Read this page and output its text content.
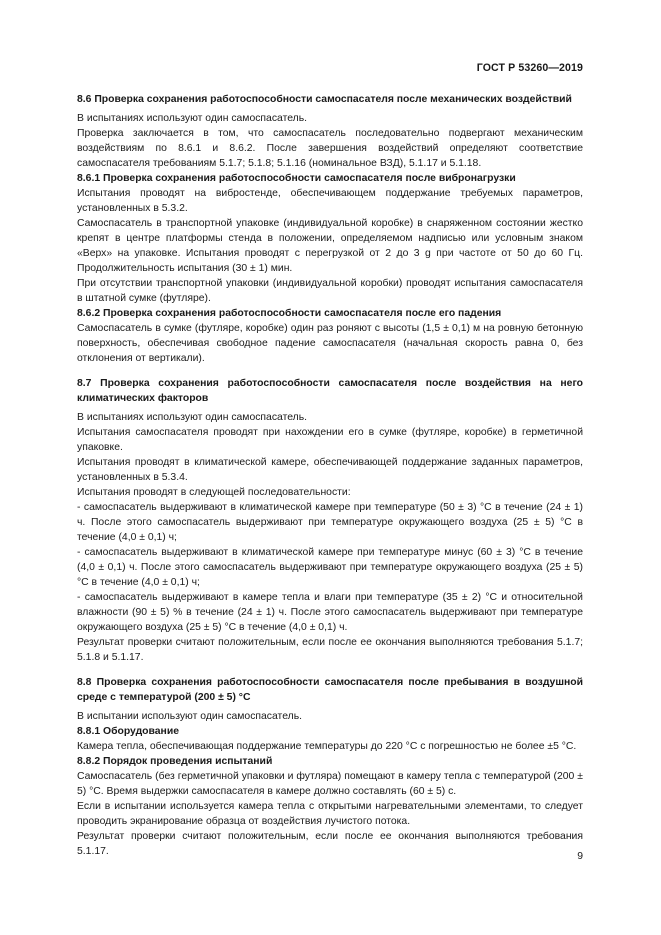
ГОСТ Р 53260—2019

8.6 Проверка сохранения работоспособности самоспасателя после механических воздействий

В испытаниях используют один самоспасатель.

Проверка заключается в том, что самоспасатель последовательно подвергают механическим воздействиям по 8.6.1 и 8.6.2. После завершения воздействий определяют соответствие самоспасателя требованиям 5.1.7; 5.1.8; 5.1.16 (номинальное ВЗД), 5.1.17 и 5.1.18.

8.6.1 Проверка сохранения работоспособности самоспасателя после вибронагрузки

Испытания проводят на вибростенде, обеспечивающем поддержание требуемых параметров, установленных в 5.3.2.

Самоспасатель в транспортной упаковке (индивидуальной коробке) в снаряженном состоянии жестко крепят в центре платформы стенда в положении, определяемом надписью или условным знаком «Верх» на упаковке. Испытания проводят с перегрузкой от 2 до 3 g при частоте от 50 до 60 Гц. Продолжительность испытания (30 ± 1) мин.

При отсутствии транспортной упаковки (индивидуальной коробки) проводят испытания самоспасателя в штатной сумке (футляре).

8.6.2 Проверка сохранения работоспособности самоспасателя после его падения

Самоспасатель в сумке (футляре, коробке) один раз роняют с высоты (1,5 ± 0,1) м на ровную бетонную поверхность, обеспечивая свободное падение самоспасателя (начальная скорость равна 0, без отклонения от вертикали).

8.7 Проверка сохранения работоспособности самоспасателя после воздействия на него климатических факторов

В испытаниях используют один самоспасатель.

Испытания самоспасателя проводят при нахождении его в сумке (футляре, коробке) в герметичной упаковке.

Испытания проводят в климатической камере, обеспечивающей поддержание заданных параметров, установленных в 5.3.4.

Испытания проводят в следующей последовательности:

- самоспасатель выдерживают в климатической камере при температуре (50 ± 3) °С в течение (24 ± 1) ч. После этого самоспасатель выдерживают при температуре окружающего воздуха (25 ± 5) °С в течение (4,0 ± 0,1) ч;

- самоспасатель выдерживают в климатической камере при температуре минус (60 ± 3) °С в течение (4,0 ± 0,1) ч. После этого самоспасатель выдерживают при температуре окружающего воздуха (25 ± 5) °С в течение (4,0 ± 0,1) ч;

- самоспасатель выдерживают в камере тепла и влаги при температуре (35 ± 2) °С и относительной влажности (90 ± 5) % в течение (24 ± 1) ч. После этого самоспасатель выдерживают при температуре окружающего воздуха (25 ± 5) °С в течение (4,0 ± 0,1) ч.

Результат проверки считают положительным, если после ее окончания выполняются требования 5.1.7; 5.1.8 и 5.1.17.

8.8 Проверка сохранения работоспособности самоспасателя после пребывания в воздушной среде с температурой (200 ± 5) °С

В испытании используют один самоспасатель.

8.8.1 Оборудование

Камера тепла, обеспечивающая поддержание температуры до 220 °С с погрешностью не более ±5 °С.

8.8.2 Порядок проведения испытаний

Самоспасатель (без герметичной упаковки и футляра) помещают в камеру тепла с температурой (200 ± 5) °С. Время выдержки самоспасателя в камере должно составлять (60 ± 5) с.

Если в испытании используется камера тепла с открытыми нагревательными элементами, то следует проводить экранирование образца от воздействия лучистого потока.

Результат проверки считают положительным, если после ее окончания выполняются требования 5.1.17.	9
